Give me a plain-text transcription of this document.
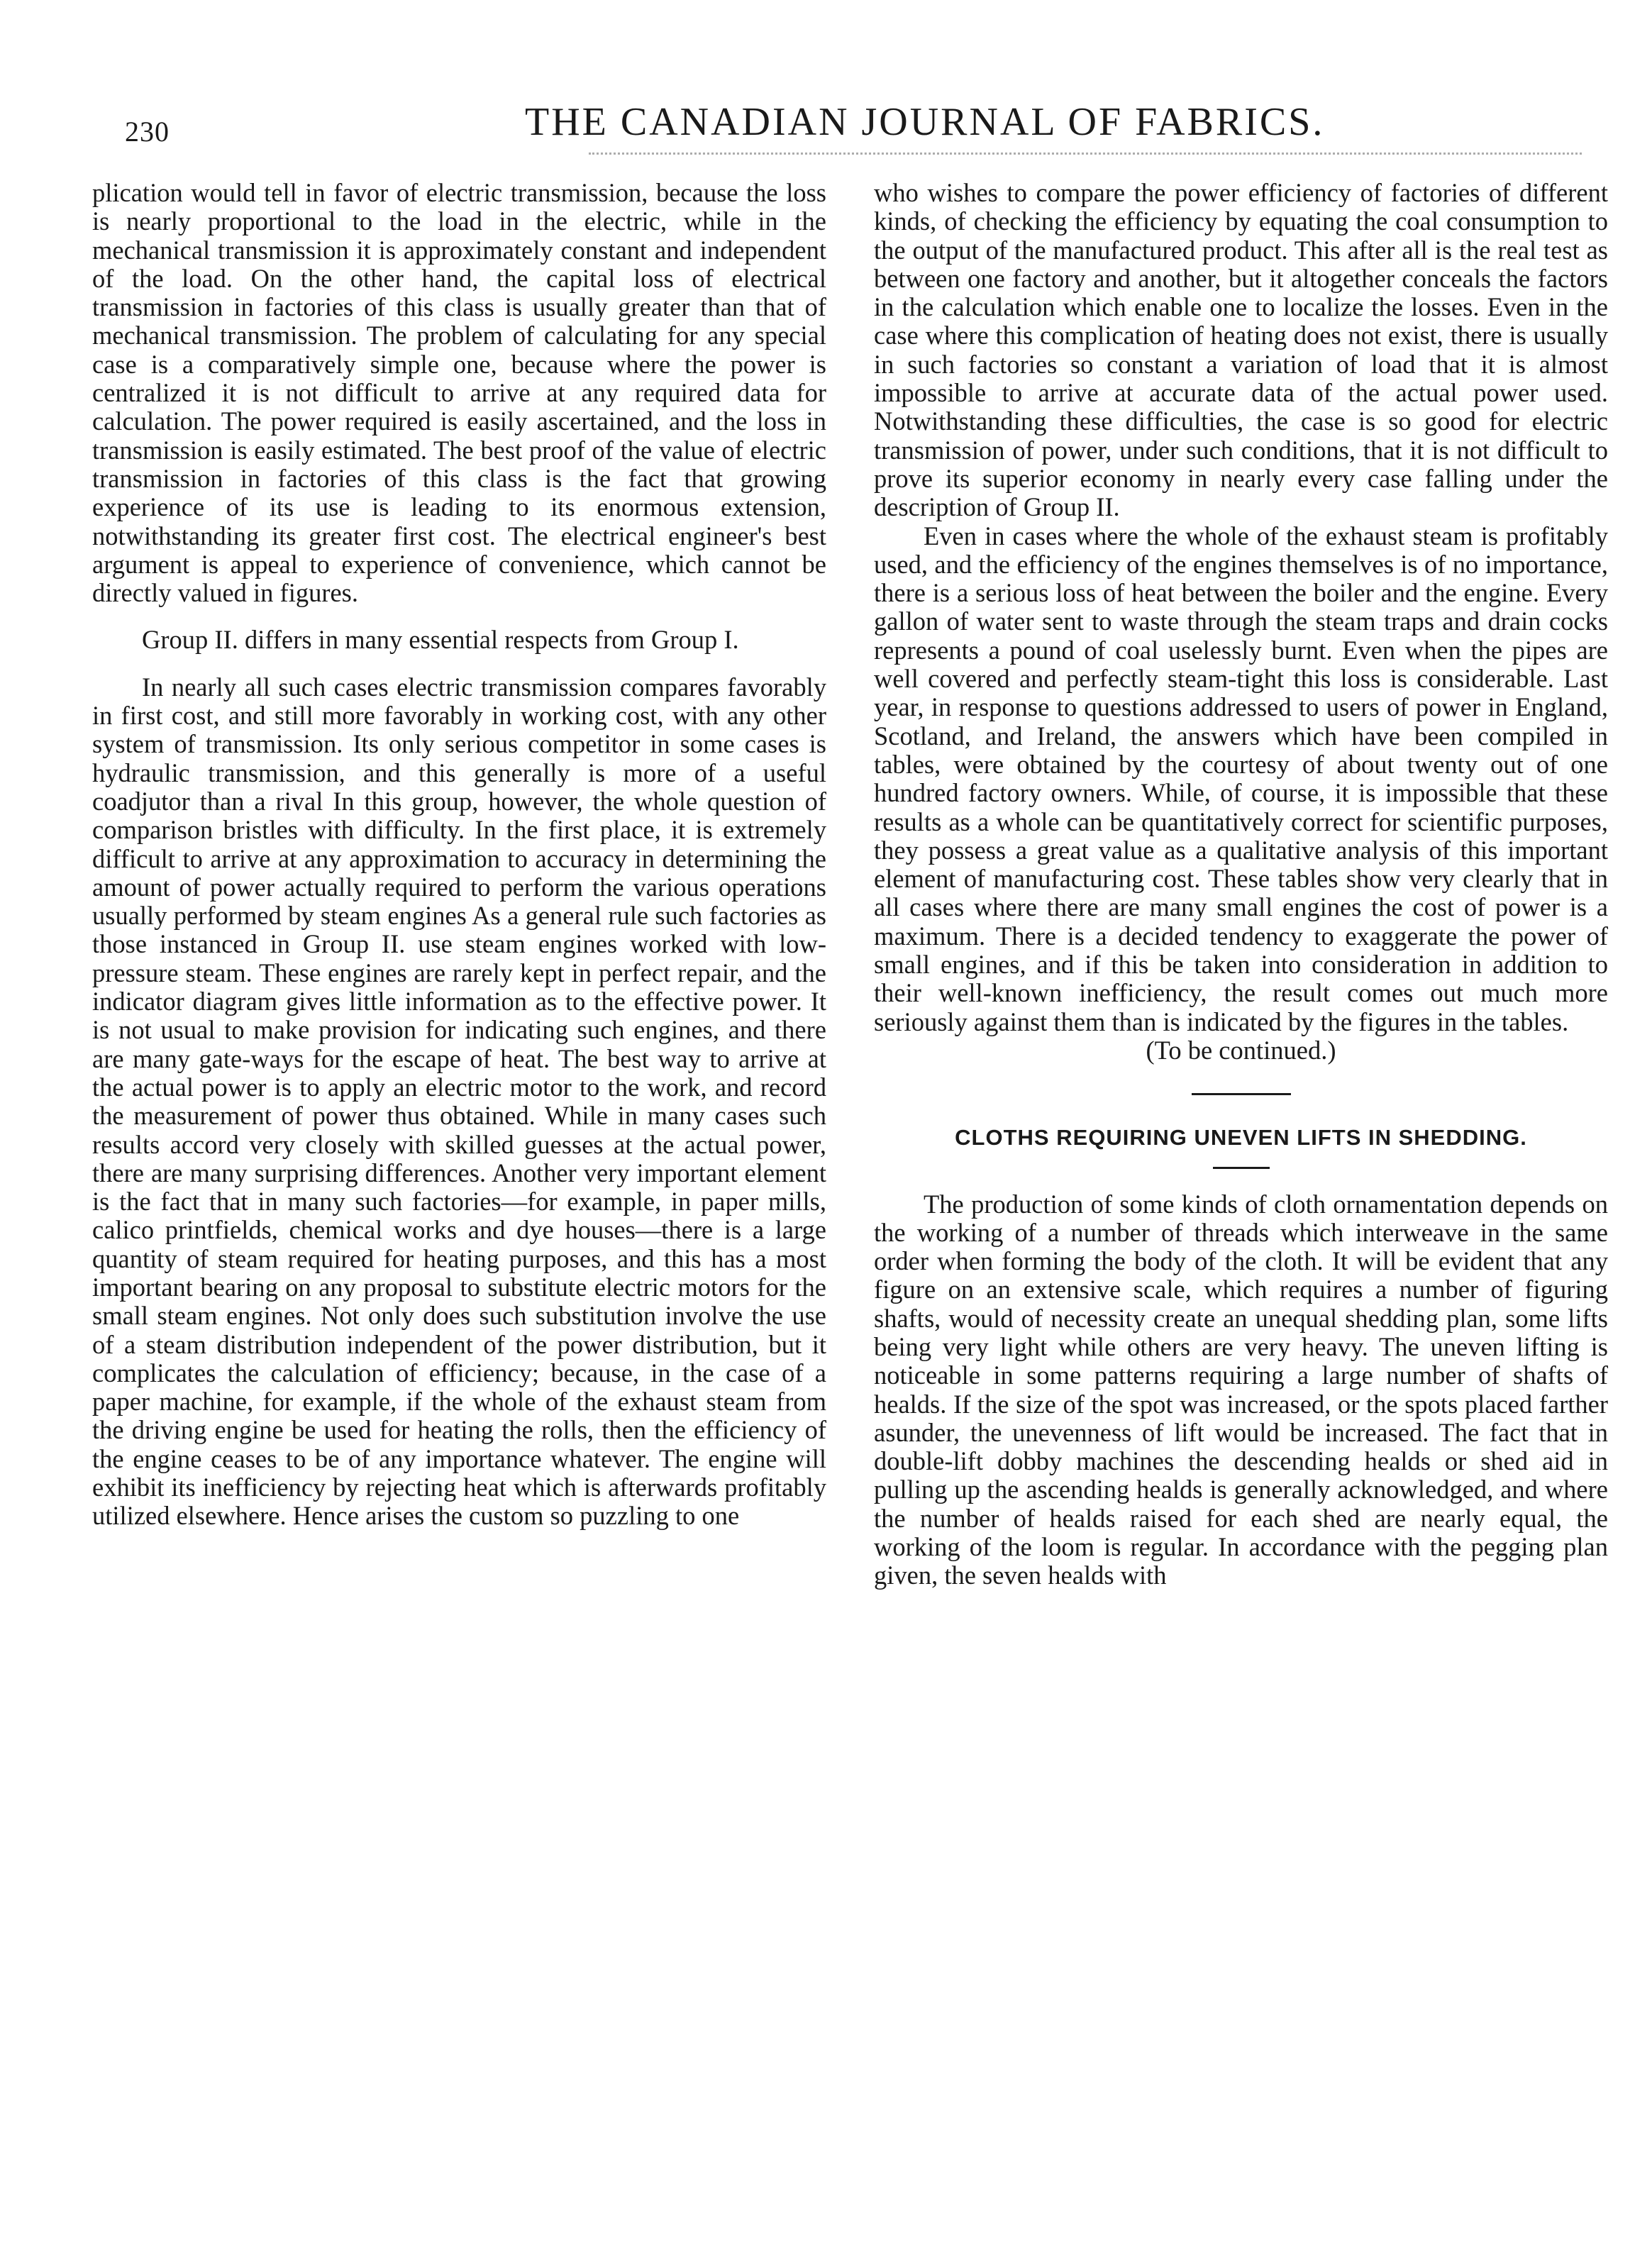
230	THE CANADIAN JOURNAL OF FABRICS.

plication would tell in favor of electric transmission, because the loss is nearly proportional to the load in the electric, while in the mechanical transmission it is approximately constant and independent of the load. On the other hand, the capital loss of electrical transmission in factories of this class is usually greater than that of mechanical transmission. The problem of calculating for any special case is a comparatively simple one, because where the power is centralized it is not difficult to arrive at any required data for calculation. The power required is easily ascertained, and the loss in transmission is easily estimated. The best proof of the value of electric transmission in factories of this class is the fact that growing experience of its use is leading to its enormous extension, notwithstanding its greater first cost. The electrical engineer's best argument is appeal to experience of convenience, which cannot be directly valued in figures.

Group II. differs in many essential respects from Group I.

In nearly all such cases electric transmission compares favorably in first cost, and still more favorably in working cost, with any other system of transmission. Its only serious competitor in some cases is hydraulic transmission, and this generally is more of a useful coadjutor than a rival In this group, however, the whole question of comparison bristles with difficulty. In the first place, it is extremely difficult to arrive at any approximation to accuracy in determining the amount of power actually required to perform the various operations usually performed by steam engines As a general rule such factories as those instanced in Group II. use steam engines worked with low-pressure steam. These engines are rarely kept in perfect repair, and the indicator diagram gives little information as to the effective power. It is not usual to make provision for indicating such engines, and there are many gate-ways for the escape of heat. The best way to arrive at the actual power is to apply an electric motor to the work, and record the measurement of power thus obtained. While in many cases such results accord very closely with skilled guesses at the actual power, there are many surprising differences. Another very important element is the fact that in many such factories—for example, in paper mills, calico printfields, chemical works and dye houses—there is a large quantity of steam required for heating purposes, and this has a most important bearing on any proposal to substitute electric motors for the small steam engines. Not only does such substitution involve the use of a steam distribution independent of the power distribution, but it complicates the calculation of efficiency; because, in the case of a paper machine, for example, if the whole of the exhaust steam from the driving engine be used for heating the rolls, then the efficiency of the engine ceases to be of any importance whatever. The engine will exhibit its inefficiency by rejecting heat which is afterwards profitably utilized elsewhere. Hence arises the custom so puzzling to one

who wishes to compare the power efficiency of factories of different kinds, of checking the efficiency by equating the coal consumption to the output of the manufactured product. This after all is the real test as between one factory and another, but it altogether conceals the factors in the calculation which enable one to localize the losses. Even in the case where this complication of heating does not exist, there is usually in such factories so constant a variation of load that it is almost impossible to arrive at accurate data of the actual power used. Notwithstanding these difficulties, the case is so good for electric transmission of power, under such conditions, that it is not difficult to prove its superior economy in nearly every case falling under the description of Group II.

Even in cases where the whole of the exhaust steam is profitably used, and the efficiency of the engines themselves is of no importance, there is a serious loss of heat between the boiler and the engine. Every gallon of water sent to waste through the steam traps and drain cocks represents a pound of coal uselessly burnt. Even when the pipes are well covered and perfectly steam-tight this loss is considerable. Last year, in response to questions addressed to users of power in England, Scotland, and Ireland, the answers which have been compiled in tables, were obtained by the courtesy of about twenty out of one hundred factory owners. While, of course, it is impossible that these results as a whole can be quantitatively correct for scientific purposes, they possess a great value as a qualitative analysis of this important element of manufacturing cost. These tables show very clearly that in all cases where there are many small engines the cost of power is a maximum. There is a decided tendency to exaggerate the power of small engines, and if this be taken into consideration in addition to their well-known inefficiency, the result comes out much more seriously against them than is indicated by the figures in the tables.

(To be continued.)

CLOTHS REQUIRING UNEVEN LIFTS IN SHEDDING.

The production of some kinds of cloth ornamentation depends on the working of a number of threads which interweave in the same order when forming the body of the cloth. It will be evident that any figure on an extensive scale, which requires a number of figuring shafts, would of necessity create an unequal shedding plan, some lifts being very light while others are very heavy. The uneven lifting is noticeable in some patterns requiring a large number of shafts of healds. If the size of the spot was increased, or the spots placed farther asunder, the unevenness of lift would be increased. The fact that in double-lift dobby machines the descending healds or shed aid in pulling up the ascending healds is generally acknowledged, and where the number of healds raised for each shed are nearly equal, the working of the loom is regular. In accordance with the pegging plan given, the seven healds with
